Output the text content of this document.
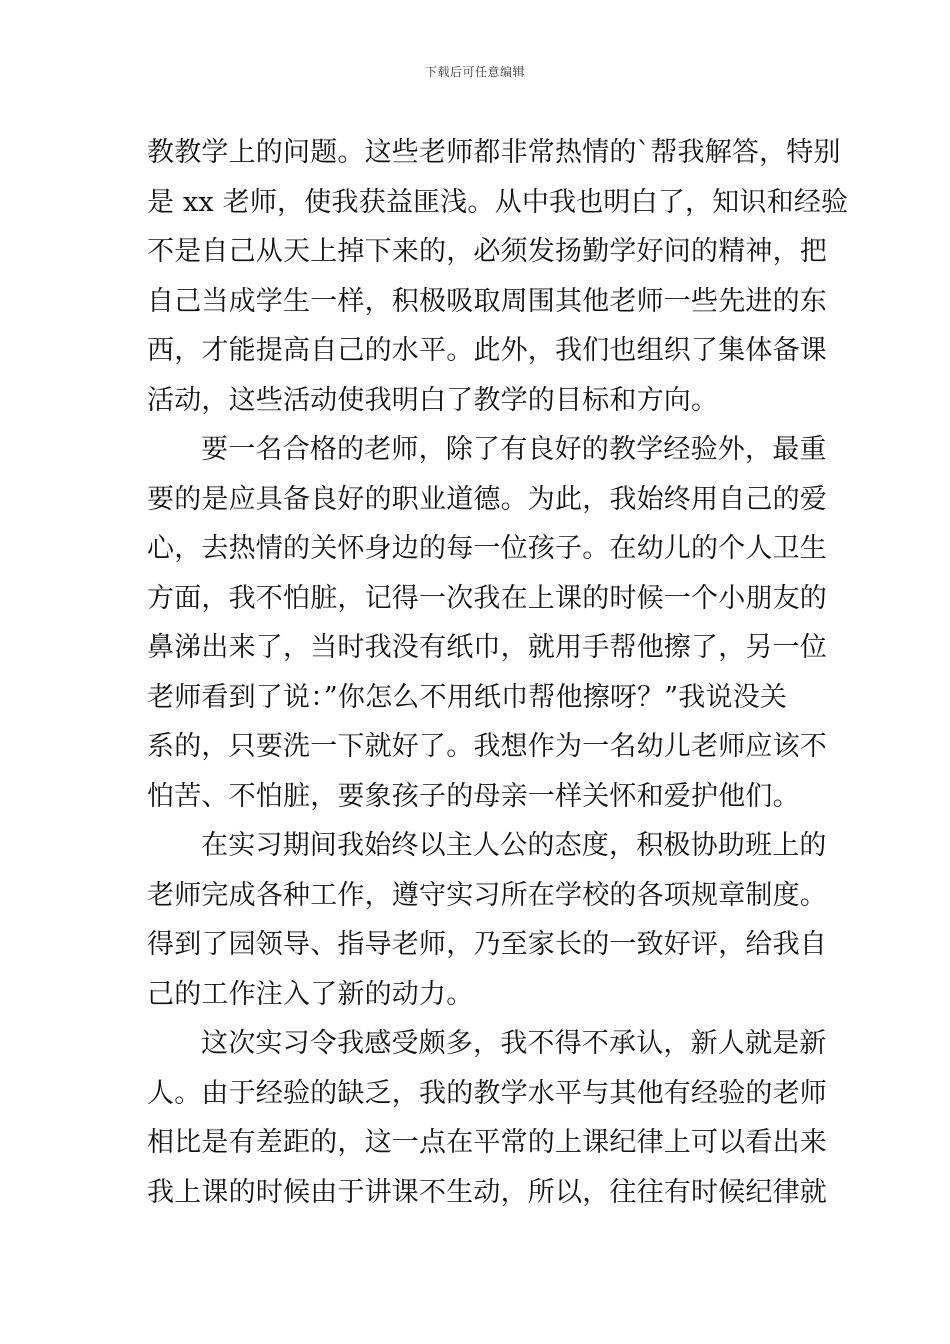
下载后可任意编辑
教教学上的问题。这些老师都非常热情的`帮我解答，特别
是 xx 老师，使我获益匪浅。从中我也明白了，知识和经验
不是自己从天上掉下来的，必须发扬勤学好问的精神，把
自己当成学生一样，积极吸取周围其他老师一些先进的东
西，才能提高自己的水平。此外，我们也组织了集体备课
活动，这些活动使我明白了教学的目标和方向。
要一名合格的老师，除了有良好的教学经验外，最重
要的是应具备良好的职业道德。为此，我始终用自己的爱
心，去热情的关怀身边的每一位孩子。在幼儿的个人卫生
方面，我不怕脏，记得一次我在上课的时候一个小朋友的
鼻涕出来了，当时我没有纸巾，就用手帮他擦了，另一位
老师看到了说：”你怎么不用纸巾帮他擦呀？”我说没关
系的，只要洗一下就好了。我想作为一名幼儿老师应该不
怕苦、不怕脏，要象孩子的母亲一样关怀和爱护他们。
在实习期间我始终以主人公的态度，积极协助班上的
老师完成各种工作，遵守实习所在学校的各项规章制度。
得到了园领导、指导老师，乃至家长的一致好评，给我自
己的工作注入了新的动力。
这次实习令我感受颇多，我不得不承认，新人就是新
人。由于经验的缺乏，我的教学水平与其他有经验的老师
相比是有差距的，这一点在平常的上课纪律上可以看出来
我上课的时候由于讲课不生动，所以，往往有时候纪律就
